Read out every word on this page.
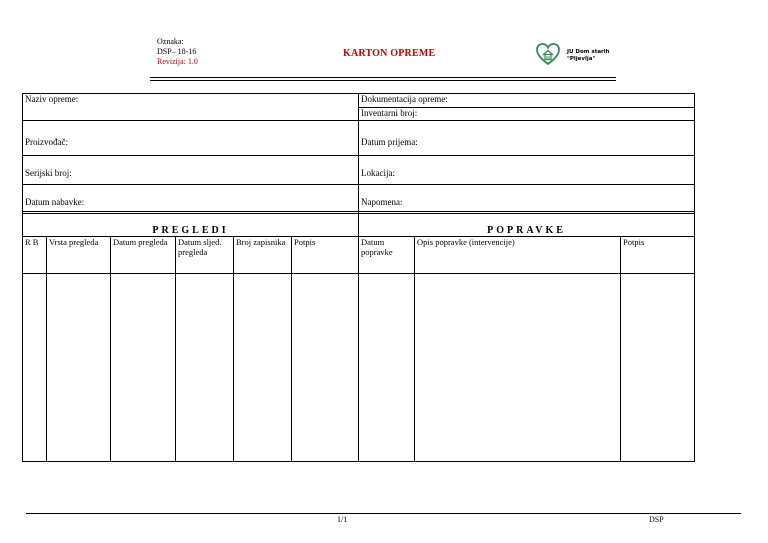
Oznaka:
DSP– 18-16
Revizija: 1.0
KARTON OPREME	JU Dom starih
"Pljevlja"
Naziv opreme:	Dokumentacija opreme:
	Inventarni broj:
Proizvođač:	Datum prijema:
Serijski broj:	Lokacija:
Datum nabavke:	Napomena:
PREGLEDI						POPRAVKE		
R B	Vrsta pregleda	Datum pregleda	Datum sljed. pregleda	Broj zapisnika	Potpis	Datum popravke	Opis popravke (intervencije)	Potpis

1/1	DSP
